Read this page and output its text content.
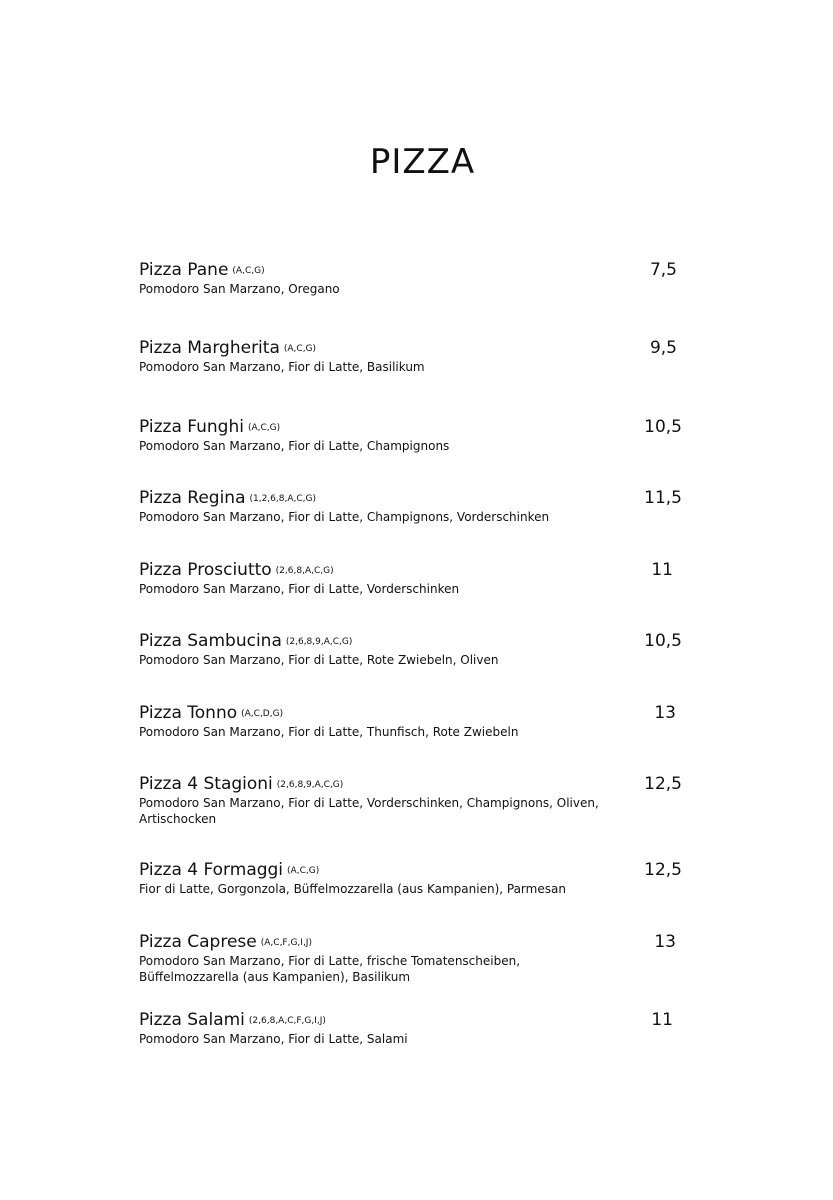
PIZZA
Pizza Pane (A,C,G)	7,5
Pomodoro San Marzano, Oregano
Pizza Margherita (A,C,G)	9,5
Pomodoro San Marzano, Fior di Latte, Basilikum
Pizza Funghi (A,C,G)	10,5
Pomodoro San Marzano, Fior di Latte, Champignons
Pizza Regina (1,2,6,8,A,C,G)	11,5
Pomodoro San Marzano, Fior di Latte, Champignons, Vorderschinken
Pizza Prosciutto (2,6,8,A,C,G)	11
Pomodoro San Marzano, Fior di Latte, Vorderschinken
Pizza Sambucina (2,6,8,9,A,C,G)	10,5
Pomodoro San Marzano, Fior di Latte, Rote Zwiebeln, Oliven
Pizza Tonno (A,C,D,G)	13
Pomodoro San Marzano, Fior di Latte, Thunfisch, Rote Zwiebeln
Pizza 4 Stagioni (2,6,8,9,A,C,G)	12,5
Pomodoro San Marzano, Fior di Latte, Vorderschinken, Champignons, Oliven, Artischocken
Pizza 4 Formaggi (A,C,G)	12,5
Fior di Latte, Gorgonzola, Büffelmozzarella (aus Kampanien), Parmesan
Pizza Caprese (A,C,F,G,I,J)	13
Pomodoro San Marzano, Fior di Latte, frische Tomatenscheiben, Büffelmozzarella (aus Kampanien), Basilikum
Pizza Salami (2,6,8,A,C,F,G,I,J)	11
Pomodoro San Marzano, Fior di Latte, Salami
